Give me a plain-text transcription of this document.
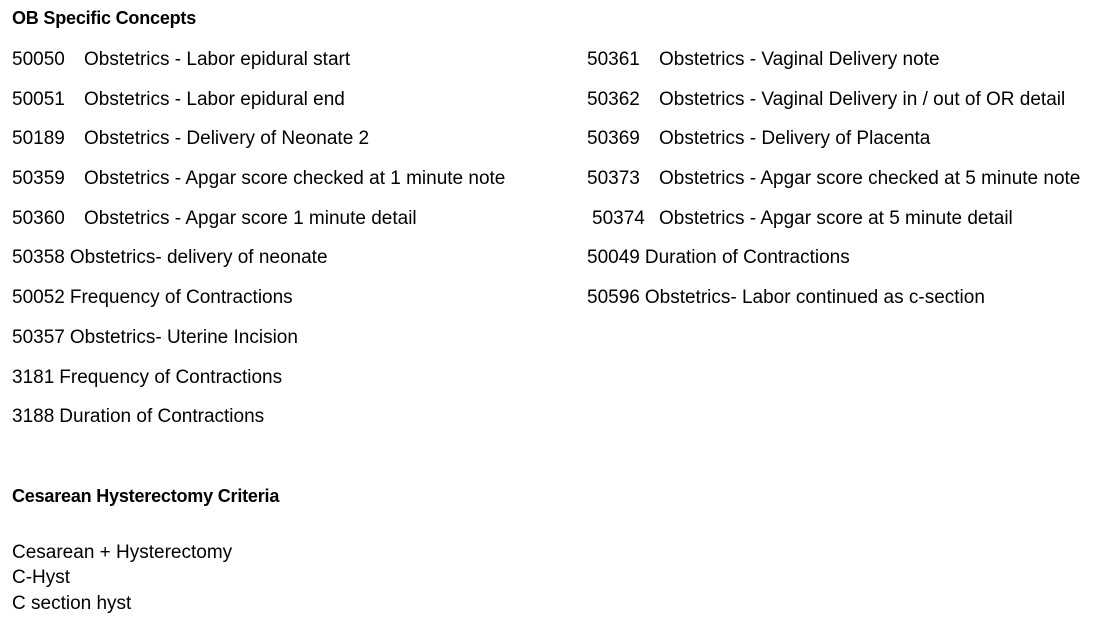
OB Specific Concepts
50050 Obstetrics - Labor epidural start
50051 Obstetrics - Labor epidural end
50189 Obstetrics - Delivery of Neonate 2
50359 Obstetrics - Apgar score checked at 1 minute note
50360 Obstetrics - Apgar score 1 minute detail
50358 Obstetrics- delivery of neonate
50052 Frequency of Contractions
50357 Obstetrics- Uterine Incision
3181 Frequency of Contractions
3188 Duration of Contractions
50361 Obstetrics - Vaginal Delivery note
50362 Obstetrics - Vaginal Delivery in / out of OR detail
50369 Obstetrics - Delivery of Placenta
50373 Obstetrics - Apgar score checked at 5 minute note
50374 Obstetrics - Apgar score at 5 minute detail
50049 Duration of Contractions
50596 Obstetrics- Labor continued as c-section
Cesarean Hysterectomy Criteria
Cesarean + Hysterectomy
C-Hyst
C section hyst
